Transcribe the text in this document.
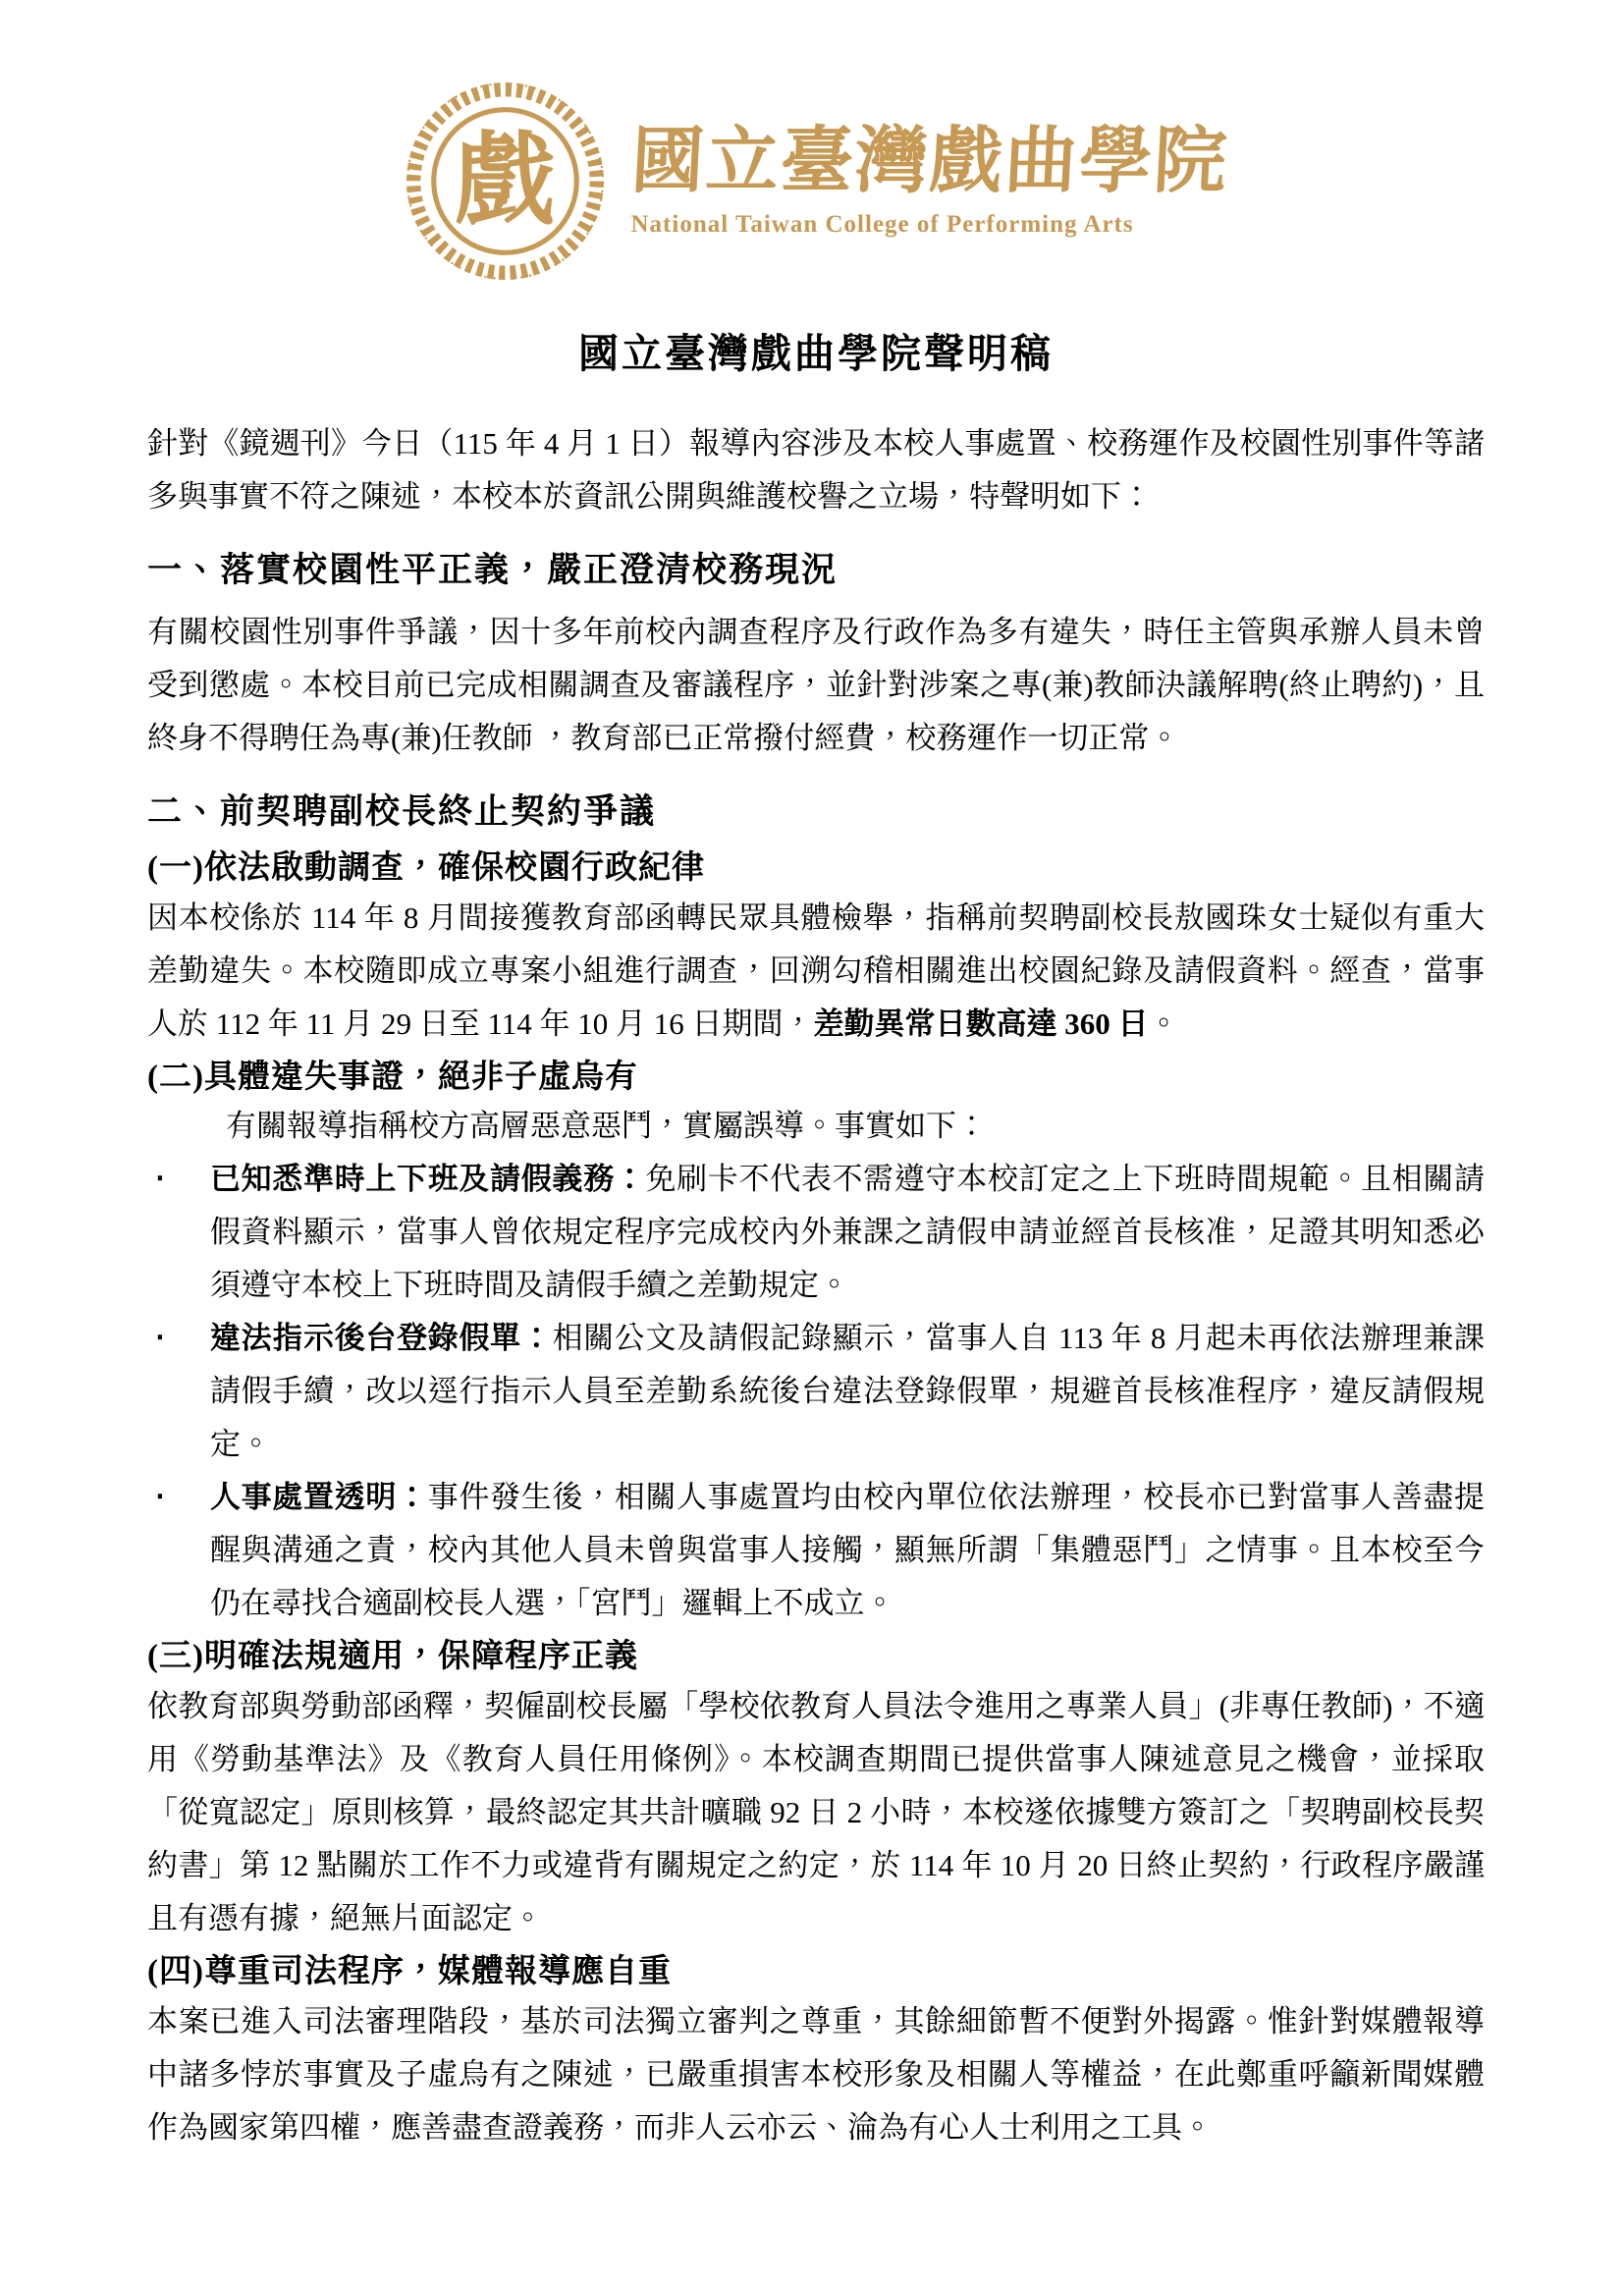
戲 國立臺灣戲曲學院
National Taiwan College of Performing Arts
國立臺灣戲曲學院聲明稿

針對《鏡週刊》今日（115 年 4 月 1 日）報導內容涉及本校人事處置、校務運作及校園性別事件等諸多與事實不符之陳述，本校本於資訊公開與維護校譽之立場，特聲明如下：

一、落實校園性平正義，嚴正澄清校務現況

有關校園性別事件爭議，因十多年前校內調查程序及行政作為多有違失，時任主管與承辦人員未曾受到懲處。本校目前已完成相關調查及審議程序，並針對涉案之專(兼)教師決議解聘(終止聘約)，且終身不得聘任為專(兼)任教師 ，教育部已正常撥付經費，校務運作一切正常。

二、前契聘副校長終止契約爭議
(一)依法啟動調查，確保校園行政紀律

因本校係於 114 年 8 月間接獲教育部函轉民眾具體檢舉，指稱前契聘副校長敖國珠女士疑似有重大差勤違失。本校隨即成立專案小組進行調查，回溯勾稽相關進出校園紀錄及請假資料。經查，當事人於 112 年 11 月 29 日至 114 年 10 月 16 日期間，差勤異常日數高達 360 日。

(二)具體違失事證，絕非子虛烏有

有關報導指稱校方高層惡意惡鬥，實屬誤導。事實如下：

‧ 已知悉準時上下班及請假義務：免刷卡不代表不需遵守本校訂定之上下班時間規範。且相關請假資料顯示，當事人曾依規定程序完成校內外兼課之請假申請並經首長核准，足證其明知悉必須遵守本校上下班時間及請假手續之差勤規定。
‧ 違法指示後台登錄假單：相關公文及請假記錄顯示，當事人自 113 年 8 月起未再依法辦理兼課請假手續，改以逕行指示人員至差勤系統後台違法登錄假單，規避首長核准程序，違反請假規定。
‧ 人事處置透明：事件發生後，相關人事處置均由校內單位依法辦理，校長亦已對當事人善盡提醒與溝通之責，校內其他人員未曾與當事人接觸，顯無所謂「集體惡鬥」之情事。且本校至今仍在尋找合適副校長人選，「宮鬥」邏輯上不成立。
(三)明確法規適用，保障程序正義

依教育部與勞動部函釋，契僱副校長屬「學校依教育人員法令進用之專業人員」(非專任教師)，不適用《勞動基準法》及《教育人員任用條例》。本校調查期間已提供當事人陳述意見之機會，並採取「從寬認定」原則核算，最終認定其共計曠職 92 日 2 小時，本校遂依據雙方簽訂之「契聘副校長契約書」第 12 點關於工作不力或違背有關規定之約定，於 114 年 10 月 20 日終止契約，行政程序嚴謹且有憑有據，絕無片面認定。

(四)尊重司法程序，媒體報導應自重

本案已進入司法審理階段，基於司法獨立審判之尊重，其餘細節暫不便對外揭露。惟針對媒體報導中諸多悖於事實及子虛烏有之陳述，已嚴重損害本校形象及相關人等權益，在此鄭重呼籲新聞媒體作為國家第四權，應善盡查證義務，而非人云亦云、淪為有心人士利用之工具。
